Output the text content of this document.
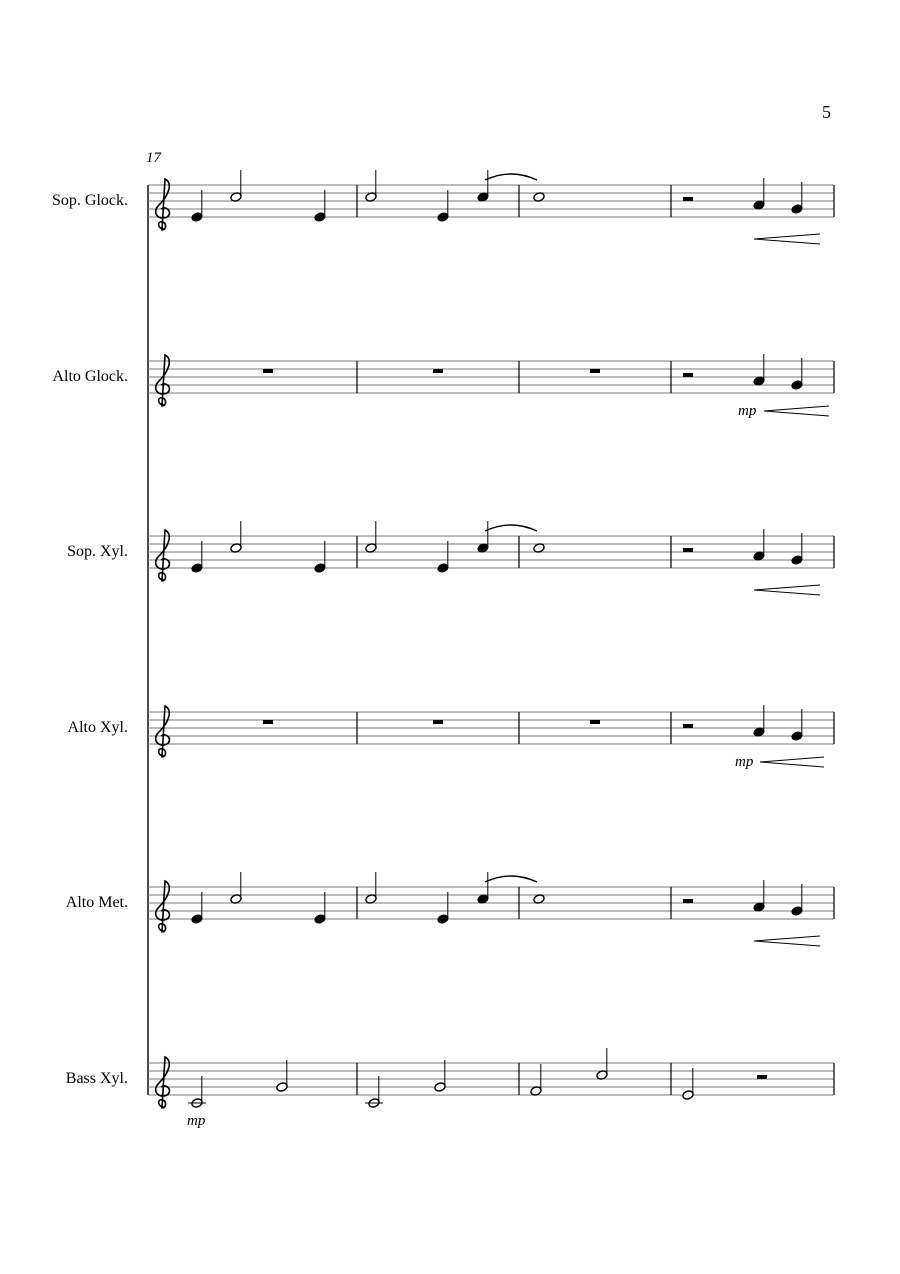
5
17
Sop. Glock.
Alto Glock.
Sop. Xyl.
Alto Xyl.
Alto Met.
Bass Xyl.
mp
mp
mp
